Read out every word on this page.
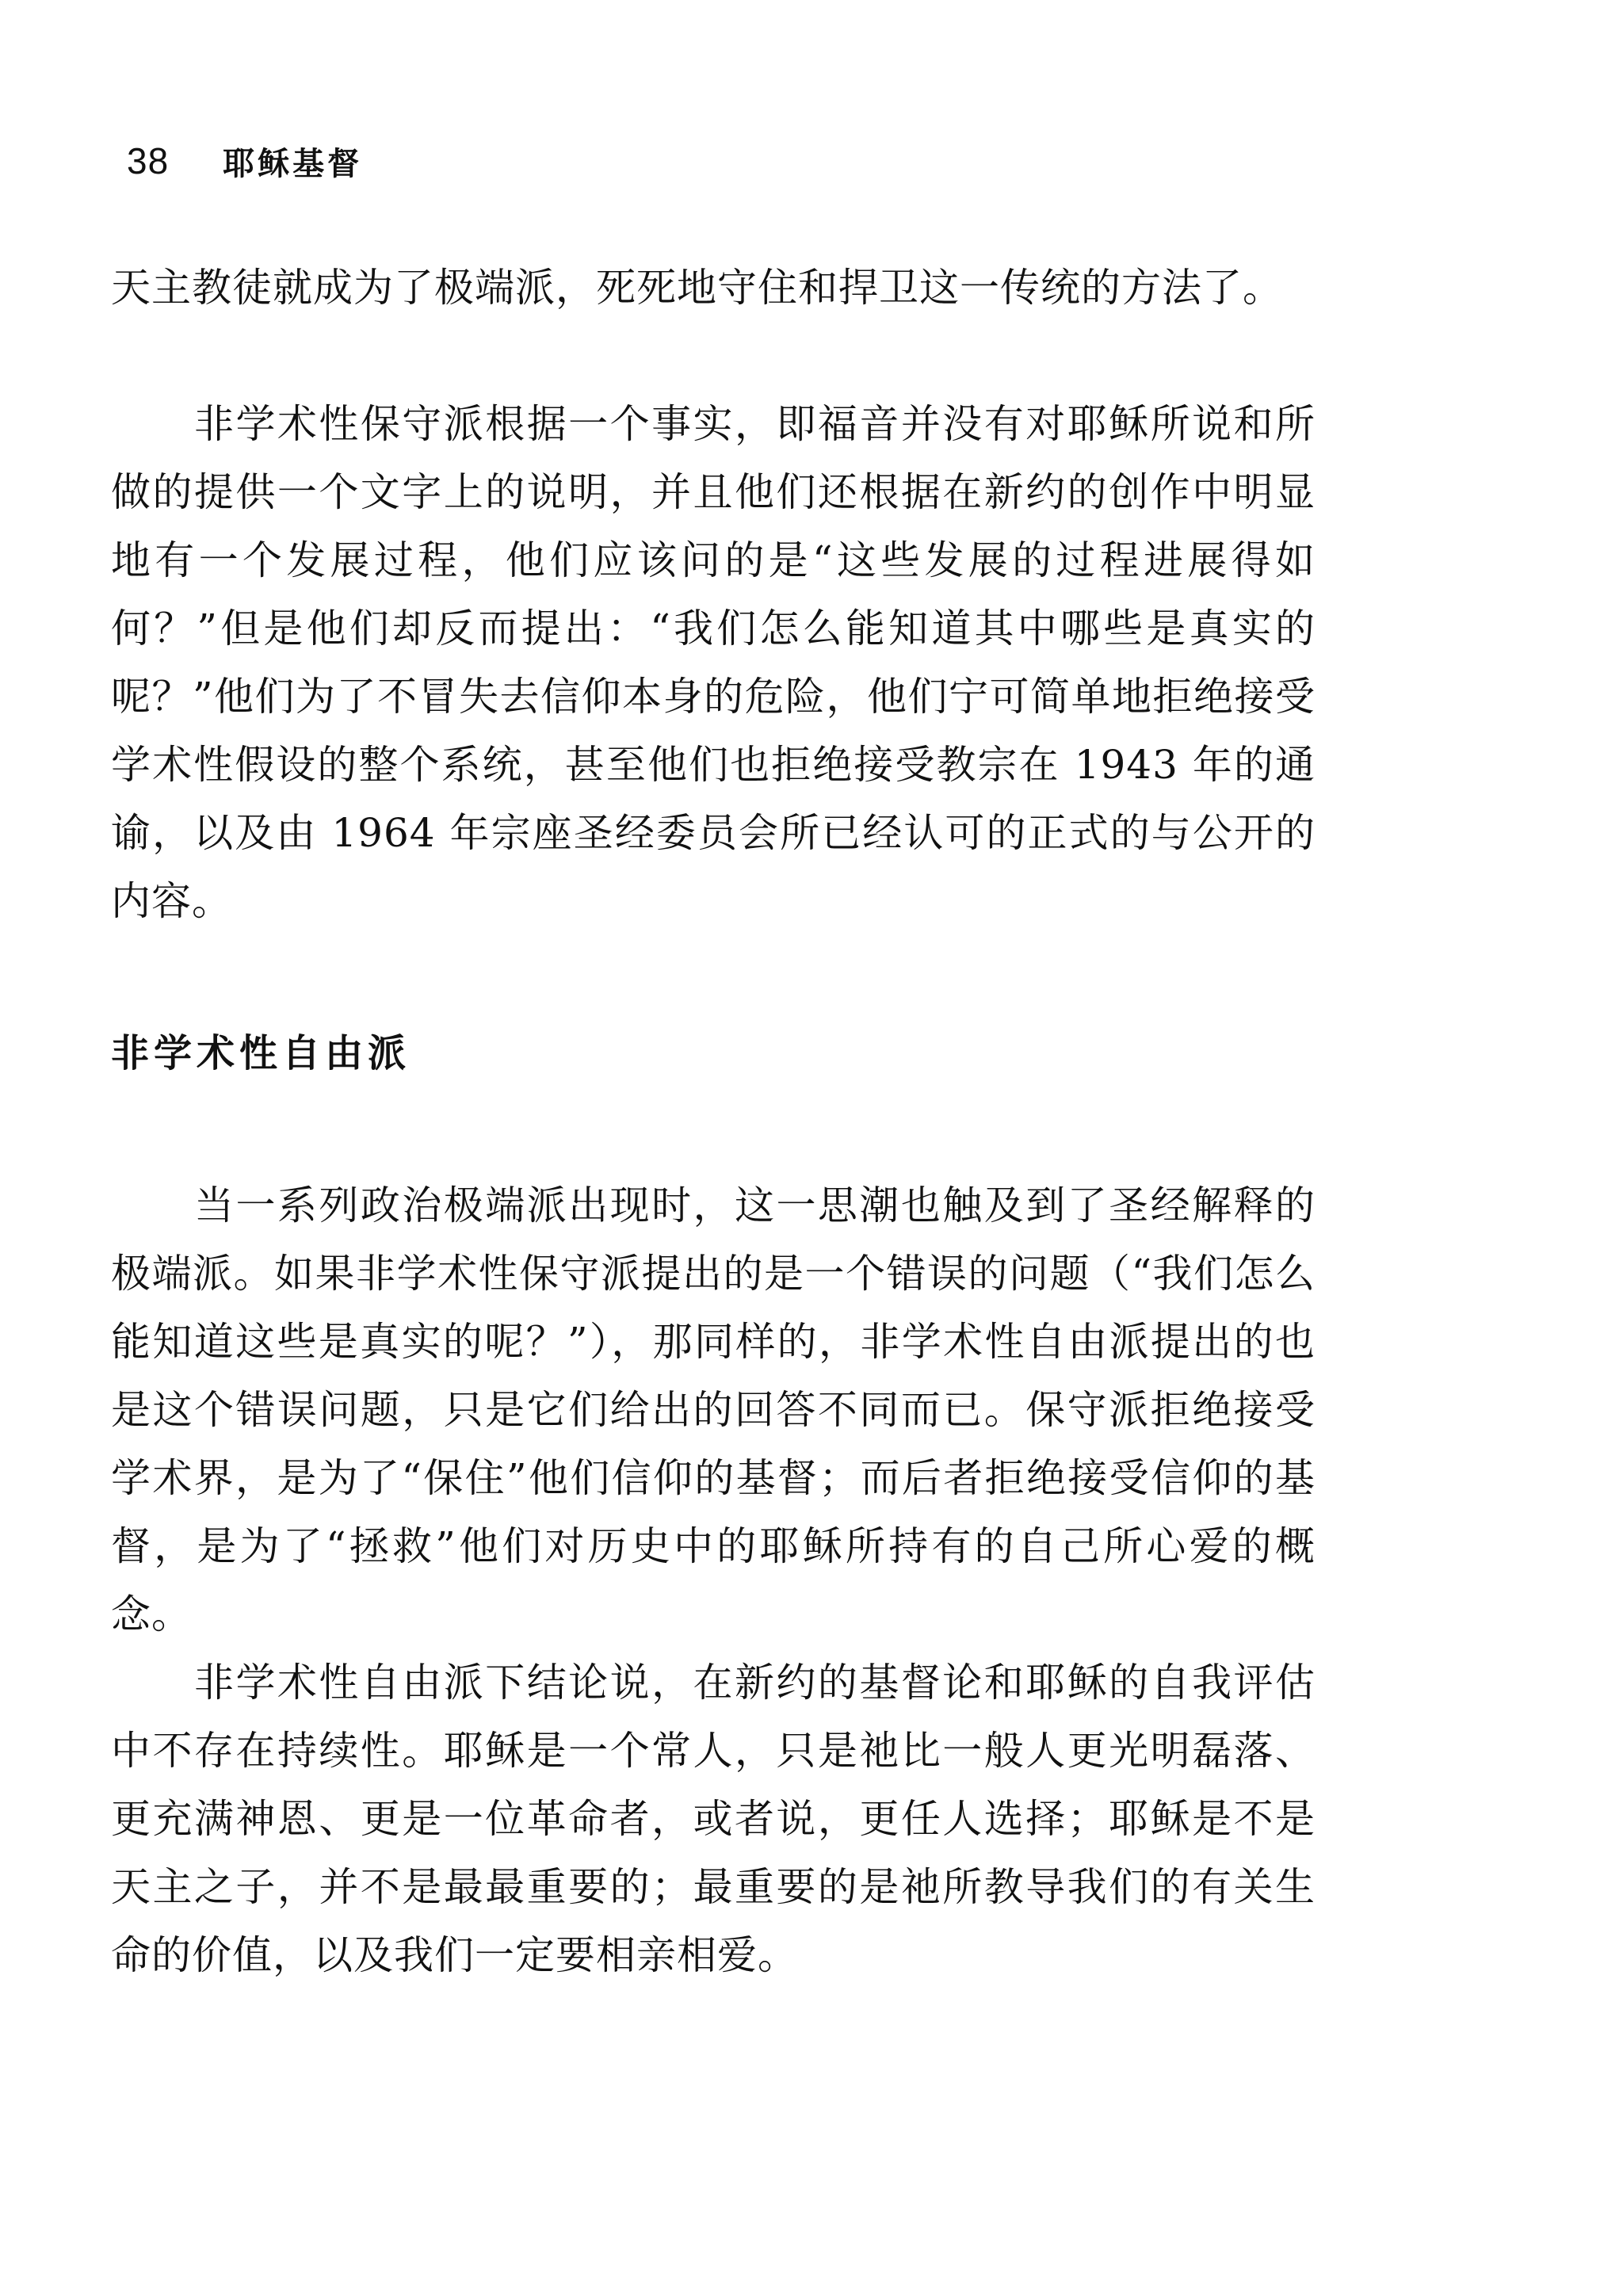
38 耶稣基督

天主教徒就成为了极端派，死死地守住和捍卫这一传统的方法了。

非学术性保守派根据一个事实，即福音并没有对耶稣所说和所做的提供一个文字上的说明，并且他们还根据在新约的创作中明显地有一个发展过程，他们应该问的是“这些发展的过程进展得如何？”但是他们却反而提出：“我们怎么能知道其中哪些是真实的呢？”他们为了不冒失去信仰本身的危险，他们宁可简单地拒绝接受学术性假设的整个系统，甚至他们也拒绝接受教宗在 1943 年的通谕，以及由 1964 年宗座圣经委员会所已经认可的正式的与公开的内容。

非学术性自由派

当一系列政治极端派出现时，这一思潮也触及到了圣经解释的极端派。如果非学术性保守派提出的是一个错误的问题（“我们怎么能知道这些是真实的呢？”），那同样的，非学术性自由派提出的也是这个错误问题，只是它们给出的回答不同而已。保守派拒绝接受学术界，是为了“保住”他们信仰的基督；而后者拒绝接受信仰的基督，是为了“拯救”他们对历史中的耶稣所持有的自己所心爱的概念。

非学术性自由派下结论说，在新约的基督论和耶稣的自我评估中不存在持续性。耶稣是一个常人，只是祂比一般人更光明磊落、更充满神恩、更是一位革命者，或者说，更任人选择；耶稣是不是天主之子，并不是最最重要的；最重要的是祂所教导我们的有关生命的价值，以及我们一定要相亲相爱。
